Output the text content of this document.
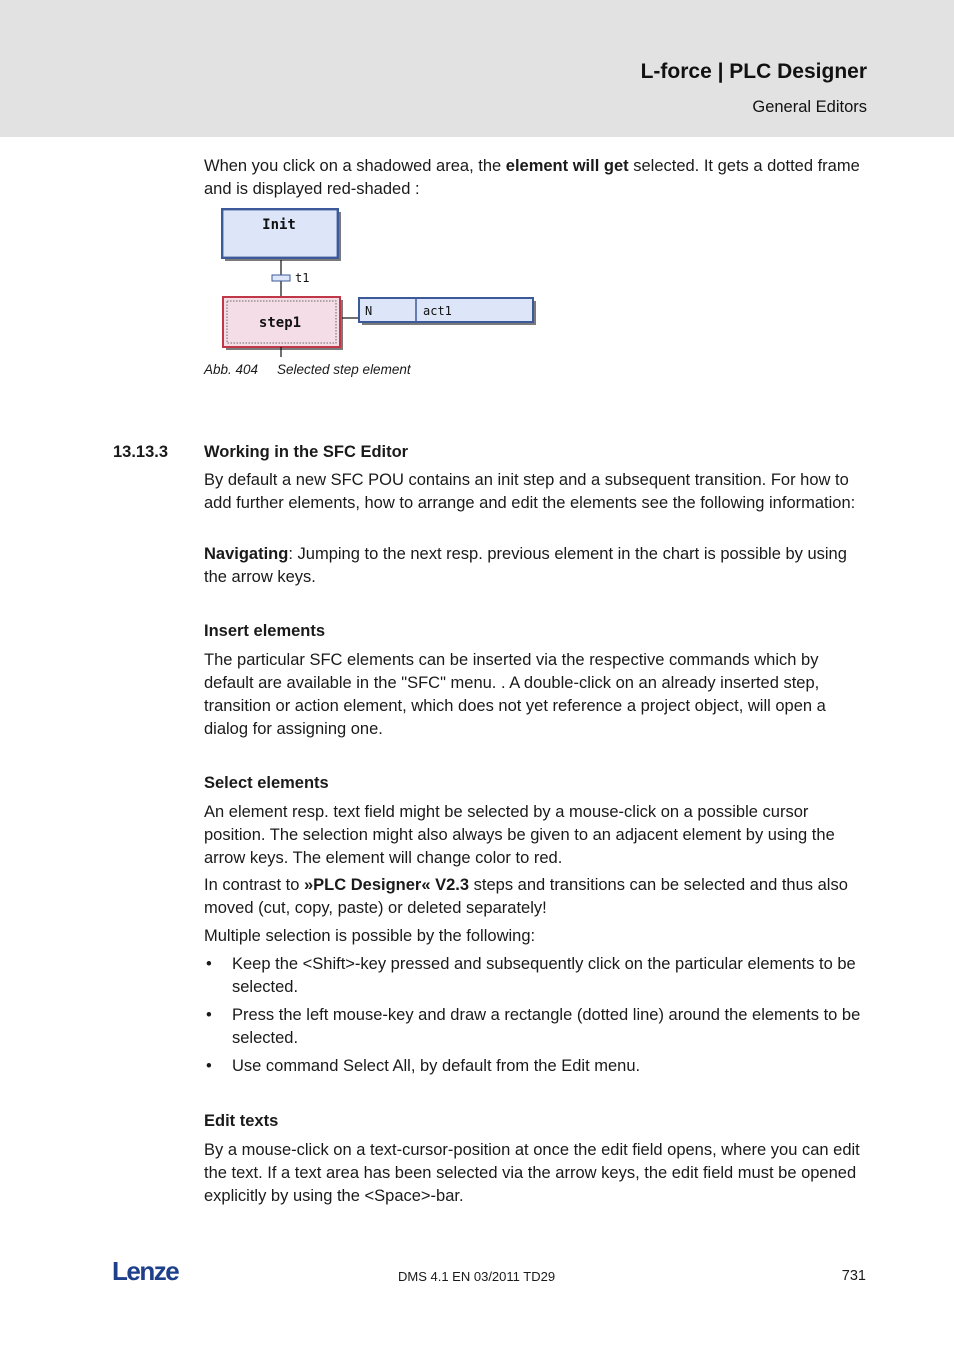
L-force | PLC Designer
General Editors
When you click on a shadowed area, the element will get selected. It gets a dotted frame and is displayed red-shaded :
Init
t1
step1
N	act1
Abb. 404 Selected step element
13.13.3 Working in the SFC Editor
By default a new SFC POU contains an init step and a subsequent transition. For how to add further elements, how to arrange and edit the elements see the following information:
Navigating: Jumping to the next resp. previous element in the chart is possible by using the arrow keys.
Insert elements
The particular SFC elements can be inserted via the respective commands which by default are available in the "SFC" menu. . A double-click on an already inserted step, transition or action element, which does not yet reference a project object, will open a dialog for assigning one.
Select elements
An element resp. text field might be selected by a mouse-click on a possible cursor position. The selection might also always be given to an adjacent element by using the arrow keys. The element will change color to red.
In contrast to »PLC Designer« V2.3 steps and transitions can be selected and thus also moved (cut, copy, paste) or deleted separately!
Multiple selection is possible by the following:
• Keep the <Shift>-key pressed and subsequently click on the particular elements to be selected.
• Press the left mouse-key and draw a rectangle (dotted line) around the elements to be selected.
• Use command Select All, by default from the Edit menu.
Edit texts
By a mouse-click on a text-cursor-position at once the edit field opens, where you can edit the text. If a text area has been selected via the arrow keys, the edit field must be opened explicitly by using the <Space>-bar.
Lenze	DMS 4.1 EN 03/2011 TD29	731
